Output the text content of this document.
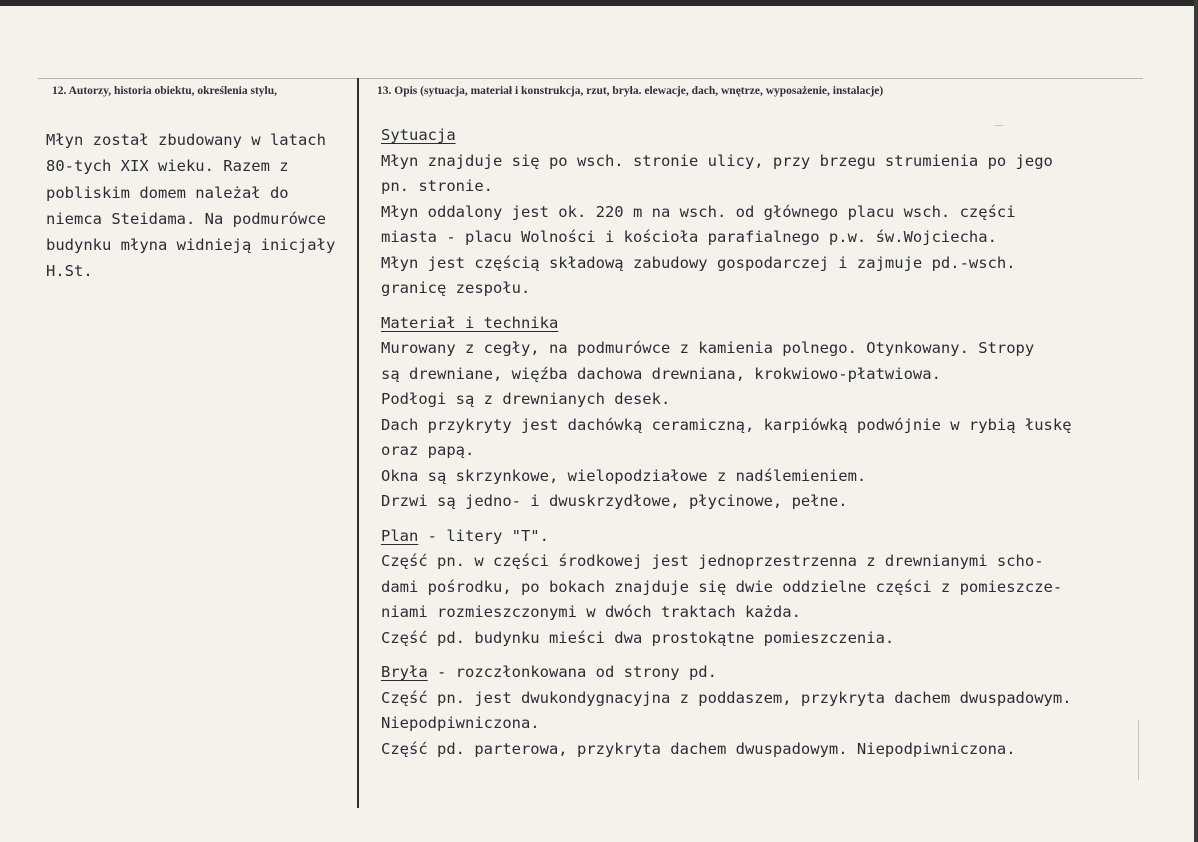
12. Autorzy, historia obiektu, określenia stylu,	13. Opis (sytuacja, materiał i konstrukcja, rzut, bryła. elewacje, dach, wnętrze, wyposażenie, instalacje)
Młyn został zbudowany w latach
80-tych XIX wieku. Razem z
pobliskim domem należał do
niemca Steidama. Na podmurówce
budynku młyna widnieją inicjały
H.St.
Sytuacja
Młyn znajduje się po wsch. stronie ulicy, przy brzegu strumienia po jego
pn. stronie.
Młyn oddalony jest ok. 220 m na wsch. od głównego placu wsch. części
miasta - placu Wolności i kościoła parafialnego p.w. św.Wojciecha.
Młyn jest częścią składową zabudowy gospodarczej i zajmuje pd.-wsch.
granicę zespołu.
Materiał i technika
Murowany z cegły, na podmurówce z kamienia polnego. Otynkowany. Stropy
są drewniane, więźba dachowa drewniana, krokwiowo-płatwiowa.
Podłogi są z drewnianych desek.
Dach przykryty jest dachówką ceramiczną, karpiówką podwójnie w rybią łuskę
oraz papą.
Okna są skrzynkowe, wielopodziałowe z nadślemieniem.
Drzwi są jedno- i dwuskrzydłowe, płycinowe, pełne.
Plan - litery "T".
Część pn. w części środkowej jest jednoprzestrzenna z drewnianymi scho-
dami pośrodku, po bokach znajduje się dwie oddzielne części z pomieszcze-
niami rozmieszczonymi w dwóch traktach każda.
Część pd. budynku mieści dwa prostokątne pomieszczenia.
Bryła - rozczłonkowana od strony pd.
Część pn. jest dwukondygnacyjna z poddaszem, przykryta dachem dwuspadowym.
Niepodpiwniczona.
Część pd. parterowa, przykryta dachem dwuspadowym. Niepodpiwniczona.
